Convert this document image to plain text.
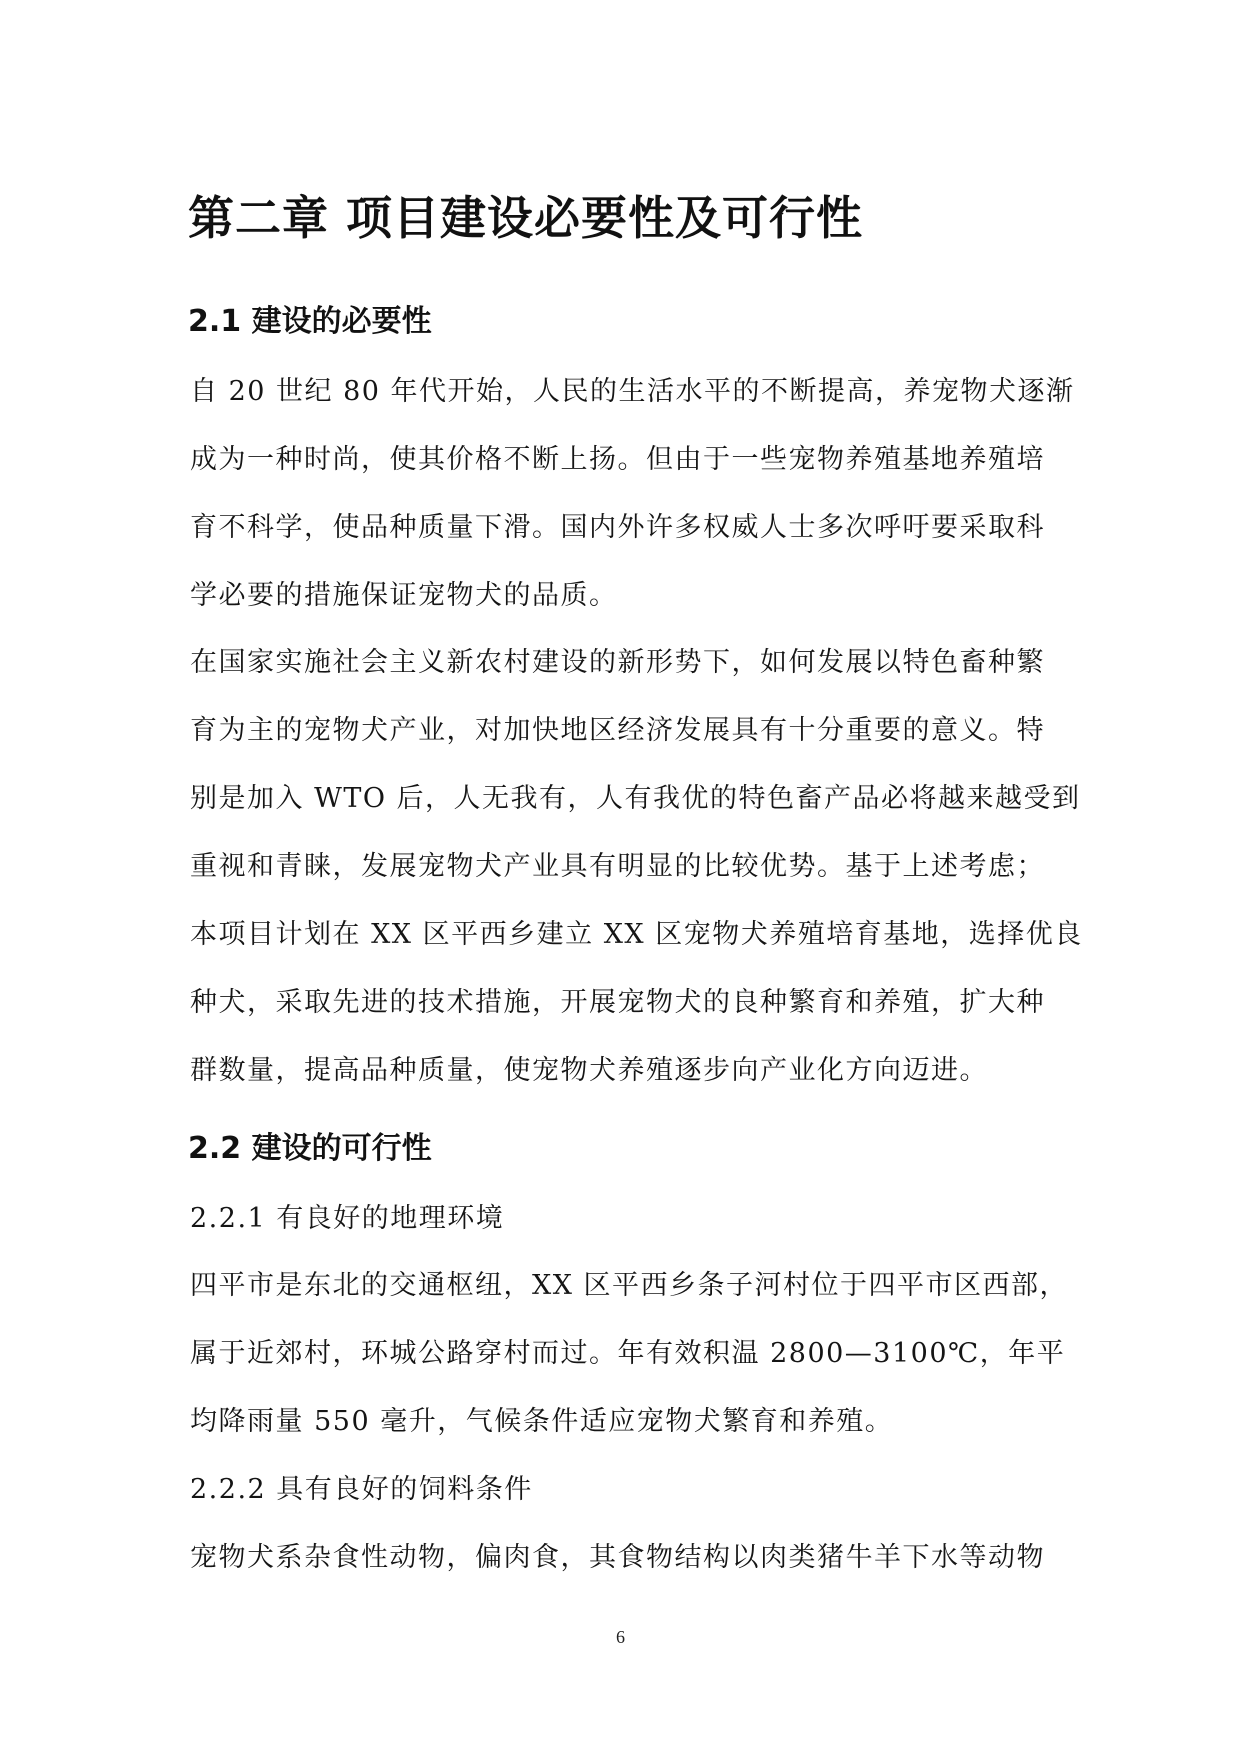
第二章 项目建设必要性及可行性
2.1 建设的必要性

自 20 世纪 80 年代开始，人民的生活水平的不断提高，养宠物犬逐渐

成为一种时尚，使其价格不断上扬。但由于一些宠物养殖基地养殖培

育不科学，使品种质量下滑。国内外许多权威人士多次呼吁要采取科

学必要的措施保证宠物犬的品质。

在国家实施社会主义新农村建设的新形势下，如何发展以特色畜种繁

育为主的宠物犬产业，对加快地区经济发展具有十分重要的意义。特

别是加入 WTO 后，人无我有，人有我优的特色畜产品必将越来越受到

重视和青睐，发展宠物犬产业具有明显的比较优势。基于上述考虑；

本项目计划在 XX 区平西乡建立 XX 区宠物犬养殖培育基地，选择优良

种犬，采取先进的技术措施，开展宠物犬的良种繁育和养殖，扩大种

群数量，提高品种质量，使宠物犬养殖逐步向产业化方向迈进。

2.2 建设的可行性

2.2.1 有良好的地理环境

四平市是东北的交通枢纽，XX 区平西乡条子河村位于四平市区西部，

属于近郊村，环城公路穿村而过。年有效积温 2800—3100℃，年平

均降雨量 550 毫升，气候条件适应宠物犬繁育和养殖。

2.2.2 具有良好的饲料条件

宠物犬系杂食性动物，偏肉食，其食物结构以肉类猪牛羊下水等动物

6
